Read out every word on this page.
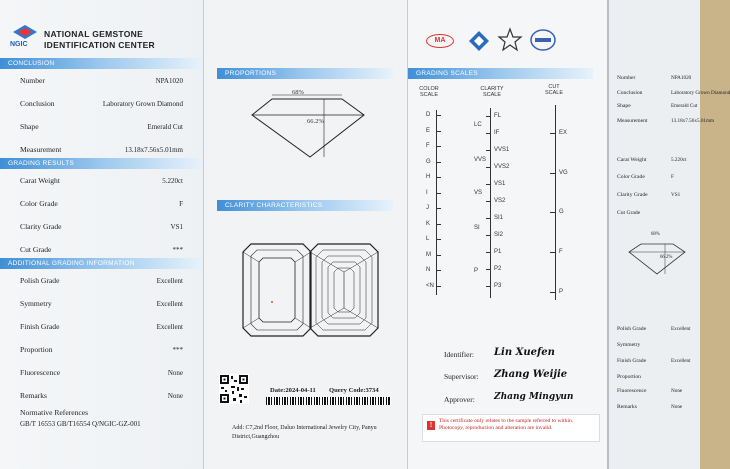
NGIC
NATIONAL GEMSTONE
IDENTIFICATION CENTER
CONCLUSION
Number	NPA1020
Conclusion	Laboratory Grown Diamond
Shape	Emerald Cut
Measurement	13.18x7.56x5.01mm
GRADING RESULTS
Carat Weight	5.220ct
Color Grade	F
Clarity Grade	VS1
Cut Grade	***
ADDITIONAL GRADING INFORMATION
Polish Grade	Excellent
Symmetry	Excellent
Finish Grade	Excellent
Proportion	***
Fluorescence	None
Remarks	None
Normative References
GB/T 16553 GB/T16554 Q/NGIC-GZ-001
PROPORTIONS
68%
66.2%
CLARITY CHARACTERISTICS
Date:2024-04-11 Query Code:3734
Add: C7,2nd Floor, Daluo International Jewelry City, Panyu District,Guangzhou
MA
GRADING SCALES
COLOR SCALE
CLARITY SCALE
CUT SCALE
D
E
F
G
H
I
J
K
L
M
N
<N
LC
VVS
VS
SI
P
FL
IF
VVS1
VVS2
VS1
VS2
SI1
SI2
P1
P2
P3
EX
VG
G
F
P
Identifier: Lin Xuefen
Supervisor: Zhang Weijie
Approver: Zhang Mingyun
!	This certificate only relates to the sample referred to within. Photocopy, reproduction and alteration are invalid.
Number	NPA1020
Conclusion	Laboratory Grown Diamond
Shape	Emerald Cut
Measurement	13.18x7.56x5.01mm
Carat Weight	5.220ct
Color Grade	F
Clarity Grade	VS1
Cut Grade
Polish Grade	Excellent
Symmetry
Finish Grade	Excellent
Proportion
Fluorescence	None
Remarks	None
68%
66.2%
